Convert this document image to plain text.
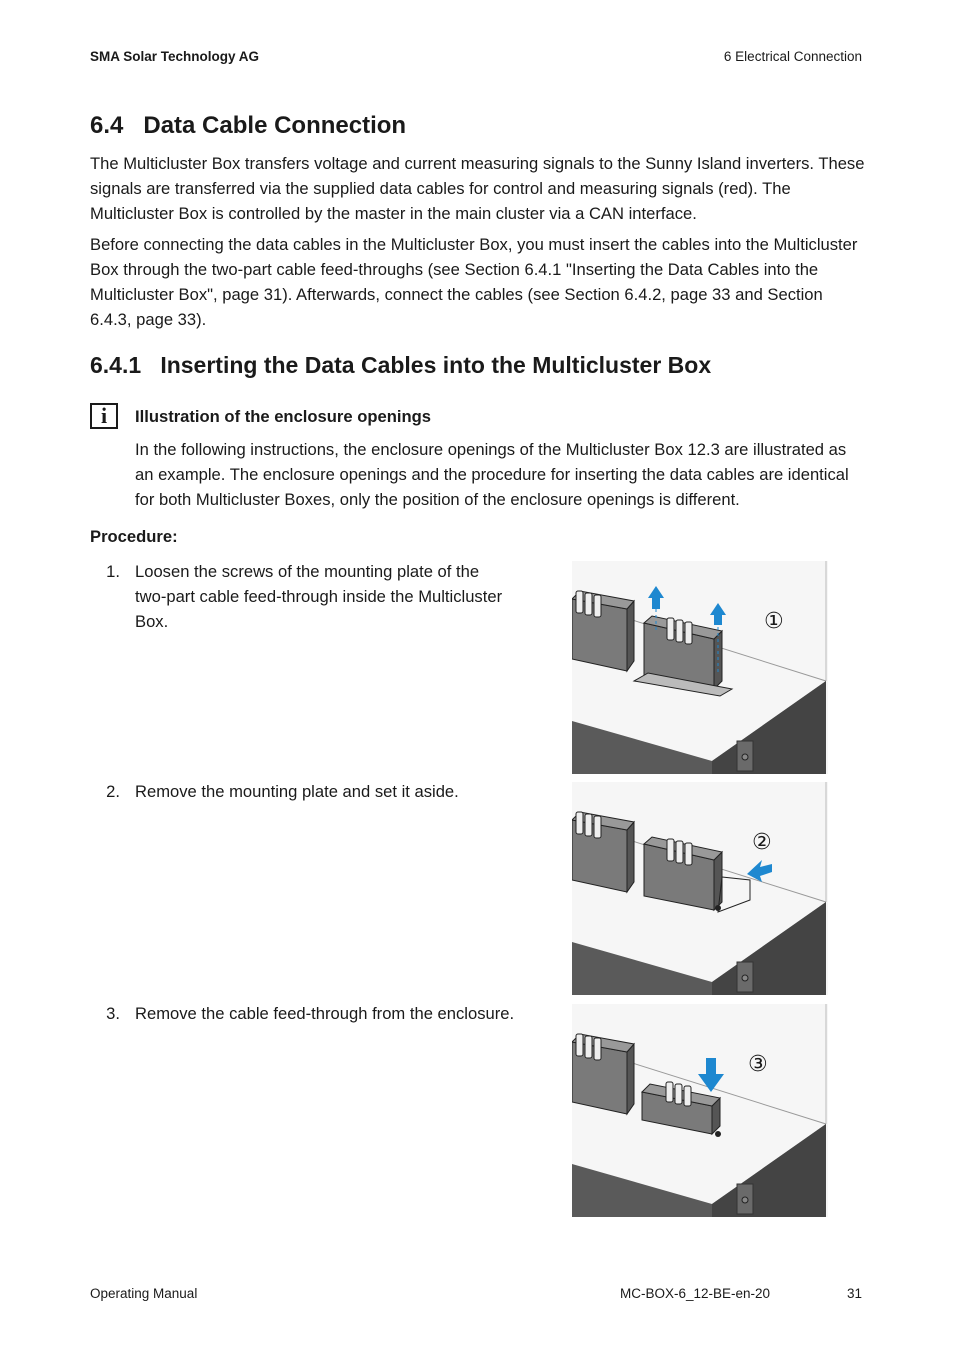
SMA Solar Technology AG	6 Electrical Connection
6.4   Data Cable Connection

The Multicluster Box transfers voltage and current measuring signals to the Sunny Island inverters. These signals are transferred via the supplied data cables for control and measuring signals (red). The Multicluster Box is controlled by the master in the main cluster via a CAN interface.

Before connecting the data cables in the Multicluster Box, you must insert the cables into the Multicluster Box through the two-part cable feed-throughs (see Section 6.4.1 "Inserting the Data Cables into the Multicluster Box", page 31). Afterwards, connect the cables (see Section 6.4.2, page 33 and Section 6.4.3, page 33).

6.4.1   Inserting the Data Cables into the Multicluster Box
i	Illustration of the enclosure openings

In the following instructions, the enclosure openings of the Multicluster Box 12.3 are illustrated as an example. The enclosure openings and the procedure for inserting the data cables are identical for both Multicluster Boxes, only the position of the enclosure openings is different.

Procedure:
1. Loosen the screws of the mounting plate of the two-part cable feed-through inside the Multicluster Box.
2. Remove the mounting plate and set it aside.
3. Remove the cable feed-through from the enclosure.
①
②
③
Operating Manual	MC-BOX-6_12-BE-en-20	31
